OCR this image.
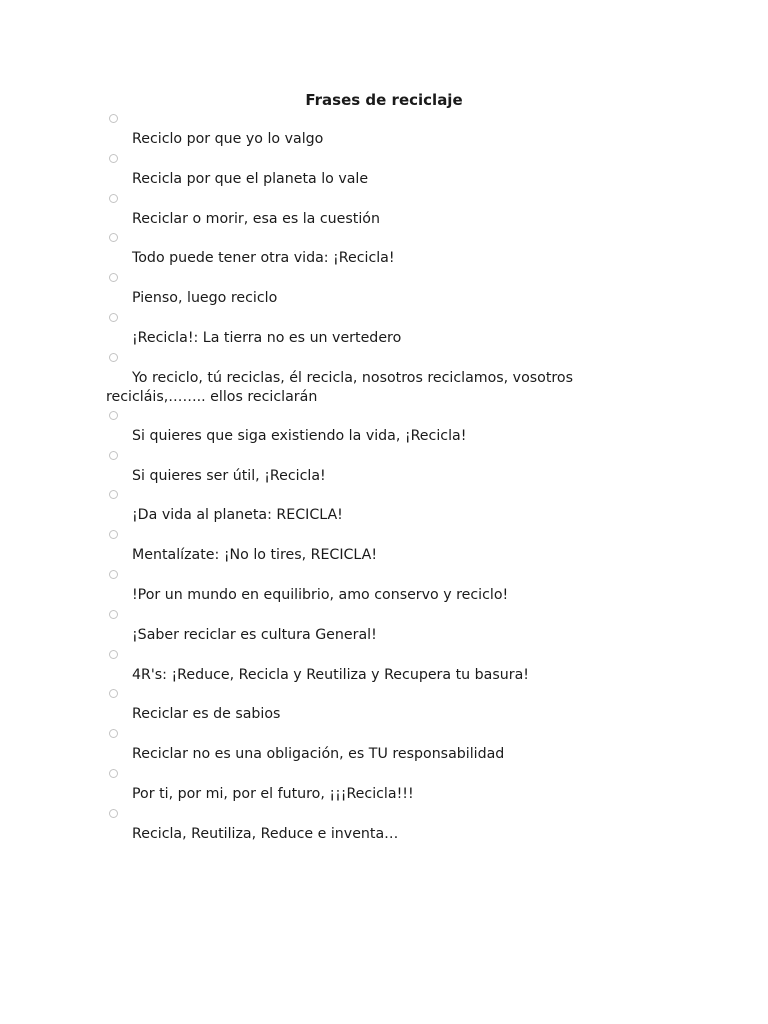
Frases de reciclaje
Reciclo por que yo lo valgo
Recicla por que el planeta lo vale
Reciclar o morir, esa es la cuestión
Todo puede tener otra vida: ¡Recicla!
Pienso, luego reciclo
¡Recicla!: La tierra no es un vertedero
Yo reciclo, tú reciclas, él recicla, nosotros reciclamos, vosotros recicláis,…….. ellos reciclarán
Si quieres que siga existiendo la vida, ¡Recicla!
Si quieres ser útil, ¡Recicla!
¡Da vida al planeta: RECICLA!
Mentalízate: ¡No lo tires, RECICLA!
!Por un mundo en equilibrio, amo conservo y reciclo!
¡Saber reciclar es cultura General!
4R's: ¡Reduce, Recicla y Reutiliza y Recupera tu basura!
Reciclar es de sabios
Reciclar no es una obligación, es TU responsabilidad
Por ti, por mi, por el futuro, ¡¡¡Recicla!!!
Recicla, Reutiliza, Reduce e inventa…
